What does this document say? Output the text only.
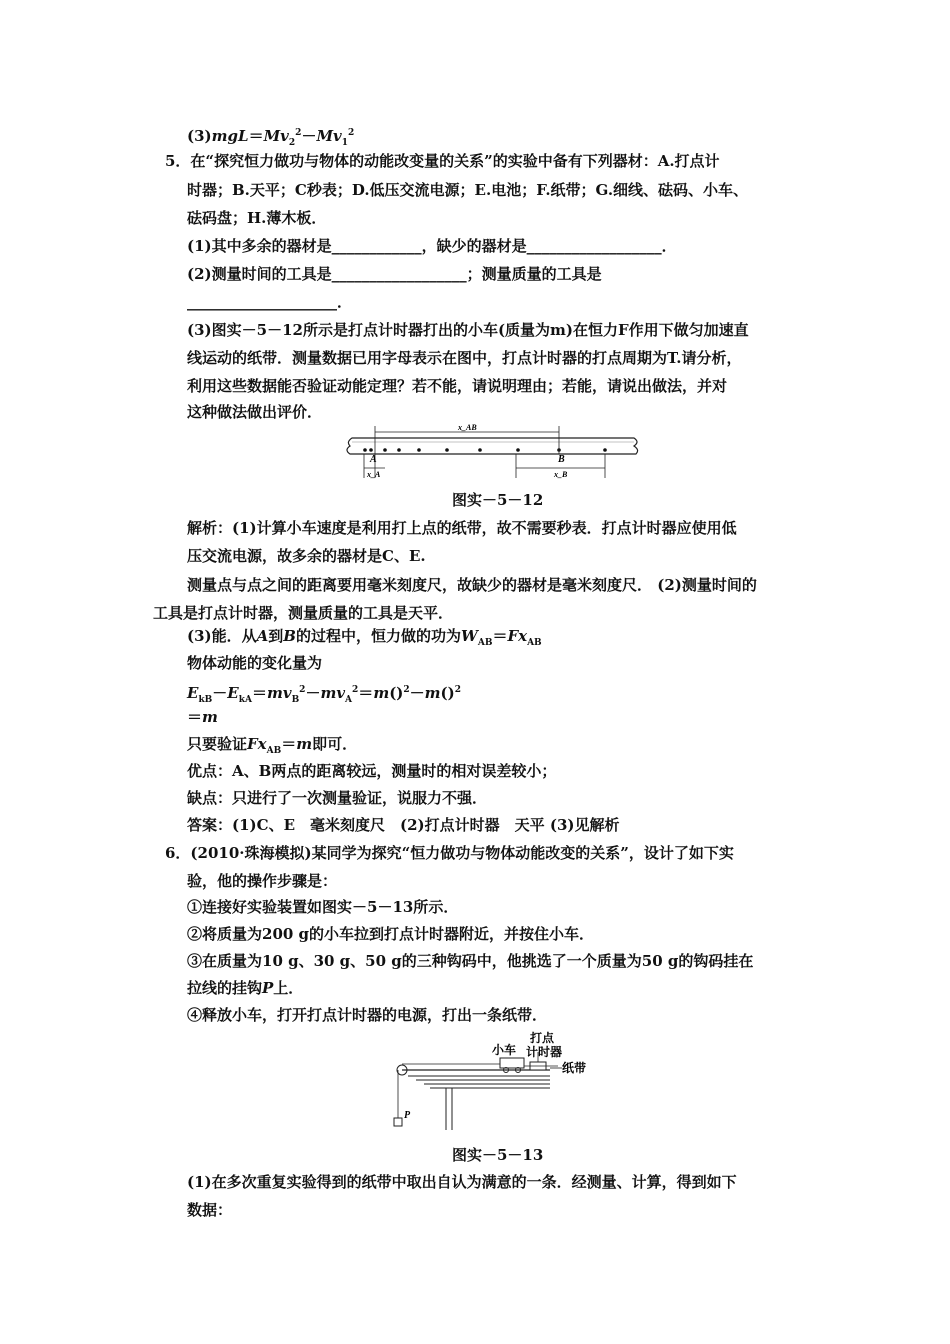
$(3)mgL=Mv_2^2-Mv_1^2$
5．在“探究恒力做功与物体的动能改变量的关系”的实验中备有下列器材：A.打点计
时器；B.天平；C秒表；D.低压交流电源；E.电池；F.纸带；G.细线、砝码、小车、
砝码盘；H.薄木板．
(1)其中多余的器材是____________，缺少的器材是__________________．
(2)测量时间的工具是__________________；测量质量的工具是
____________________．
(3)图实－5－12所示是打点计时器打出的小车(质量为m)在恒力F作用下做匀加速直
线运动的纸带．测量数据已用字母表示在图中，打点计时器的打点周期为T.请分析，
利用这些数据能否验证动能定理？若不能，请说明理由；若能，请说出做法，并对
这种做法做出评价．
x_AB
A	B
x_A	x_B
图实－5－12
解析：(1)计算小车速度是利用打上点的纸带，故不需要秒表．打点计时器应使用低
压交流电源，故多余的器材是C、E.
测量点与点之间的距离要用毫米刻度尺，故缺少的器材是毫米刻度尺． (2)测量时间的
工具是打点计时器，测量质量的工具是天平．
(3)能．从A到B的过程中，恒力做的功为$W_{AB}=Fx_{AB}$
物体动能的变化量为
$E_{kB}-E_{kA}=mv_B^2-mv_A^2=m()^2-m()^2$
＝m
只要验证$Fx_{AB}=m$即可．
优点：A、B两点的距离较远，测量时的相对误差较小；
缺点：只进行了一次测量验证，说服力不强．
答案：(1)C、E　毫米刻度尺　(2)打点计时器　天平 (3)见解析
6．(2010·珠海模拟)某同学为探究“恒力做功与物体动能改变的关系”，设计了如下实
验，他的操作步骤是：
①连接好实验装置如图实－5－13所示．
②将质量为200 g的小车拉到打点计时器附近，并按住小车．
③在质量为10 g、30 g、50 g的三种钩码中，他挑选了一个质量为50 g的钩码挂在
拉线的挂钩P上．
④释放小车，打开打点计时器的电源，打出一条纸带．
小车
打点
计时器
纸带
P
图实－5－13
(1)在多次重复实验得到的纸带中取出自认为满意的一条．经测量、计算，得到如下
数据：
